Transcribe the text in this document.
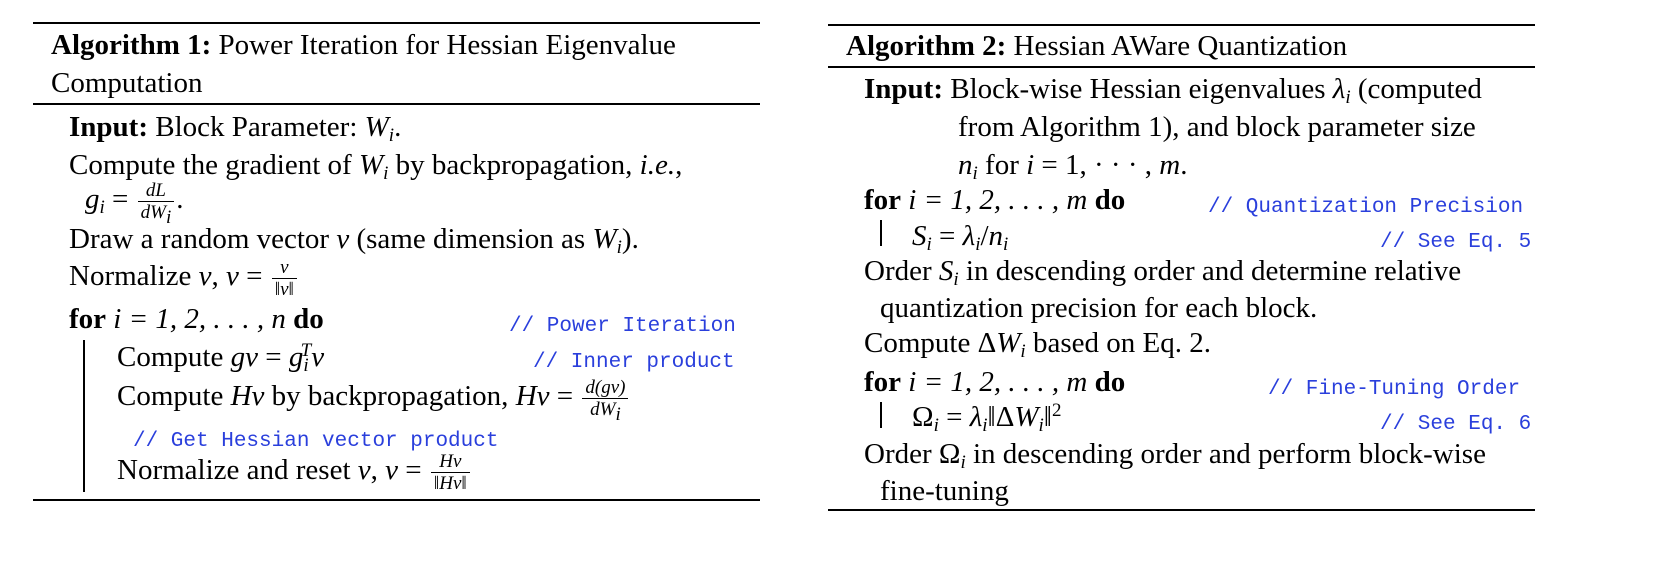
Algorithm 1: Power Iteration for Hessian Eigenvalue
Computation
Input: Block Parameter: $W_i$.
Compute the gradient of $W_i$ by backpropagation, i.e.,
$g_i = \frac{dL}{dW_i}$ .
Draw a random vector v (same dimension as $W_i$).
Normalize v, $v = \frac{v}{‖v‖}$
for i = 1, 2, . . . , n do	// Power Iteration
Compute gv = $g_i^Tv$	// Inner product
Compute Hv by backpropagation, $Hv = \frac{d(gv)}{dW_i}$
// Get Hessian vector product
Normalize and reset v, $v = \frac{Hv}{‖Hv‖}$
Algorithm 2: Hessian AWare Quantization
Input: Block-wise Hessian eigenvalues $\lambda_i$ (computed
from Algorithm 1), and block parameter size
$n_i$ for i = 1, · · · , m.
for i = 1, 2, . . . , m do	// Quantization Precision
$S_i = \lambda_i/n_i$	// See Eq. 5
Order $S_i$ in descending order and determine relative
quantization precision for each block.
Compute $\Delta W_i$ based on Eq. 2.
for i = 1, 2, . . . , m do	// Fine-Tuning Order
$\Omega_i$ = $\lambda_i‖\Delta W_i‖^2$
// See Eq. 6
Order $\Omega_i$ in descending order and perform block-wise
fine-tuning
